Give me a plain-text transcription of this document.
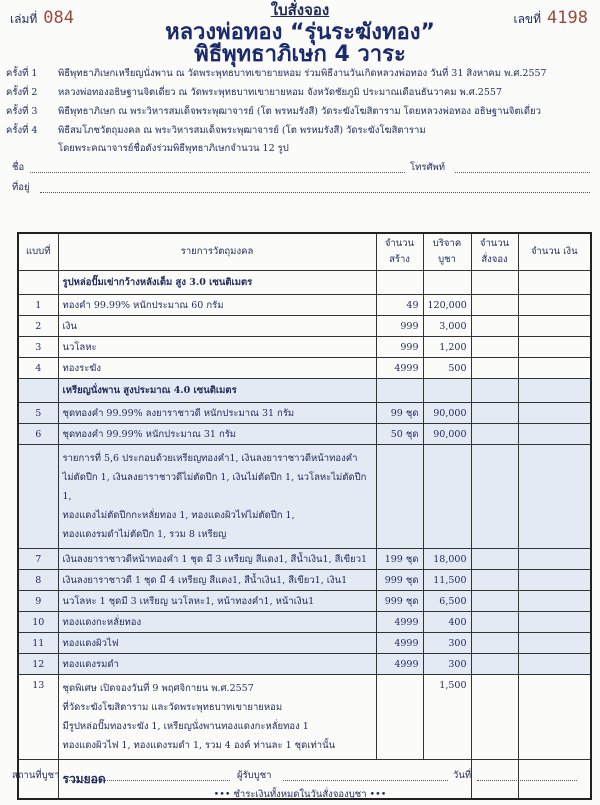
ใบสั่งจอง
เล่มที่ 084	เลขที่ 4198
หลวงพ่อทอง “รุ่นระฆังทอง”
พิธีพุทธาภิเษก 4 วาระ
ครั้งที่ 1 พิธีพุทธาภิเษกเหรียญนั่งพาน ณ วัดพระพุทธบาทเขายายหอม ร่วมพิธีงานวันเกิดหลวงพ่อทอง วันที่ 31 สิงหาคม พ.ศ.2557
ครั้งที่ 2 หลวงพ่อทองอธิษฐานจิตเดี่ยว ณ วัดพระพุทธบาทเขายายหอม จังหวัดชัยภูมิ ประมาณเดือนธันวาคม พ.ศ.2557
ครั้งที่ 3 พิธีพุทธาภิเษก ณ พระวิหารสมเด็จพระพุฒาจารย์ (โต พรหมรังสี) วัดระฆังโฆสิตาราม โดยหลวงพ่อทอง อธิษฐานจิตเดี่ยว
ครั้งที่ 4 พิธีสมโภชวัตถุมงคล ณ พระวิหารสมเด็จพระพุฒาจารย์ (โต พรหมรังสี) วัดระฆังโฆสิตาราม
โดยพระคณาจารย์ชื่อดังร่วมพิธีพุทธาภิเษกจำนวน 12 รูป
ชื่อ	โทรศัพท์
ที่อยู่
แบบที่	รายการวัตถุมงคล	จำนวน สร้าง	บริจาค บูชา	จำนวน สั่งจอง	จำนวน เงิน
	รูปหล่อปั๊มเข่ากว้างหลังเต็ม สูง 3.0 เซนติเมตร				
1	ทองคำ 99.99% หนักประมาณ 60 กรัม	49	120,000		
2	เงิน	999	3,000		
3	นวโลหะ	999	1,200		
4	ทองระฆัง	4999	500		
	เหรียญนั่งพาน สูงประมาณ 4.0 เซนติเมตร				
5	ชุดทองคำ 99.99% ลงยาราชาวดี หนักประมาณ 31 กรัม	99 ชุด	90,000		
6	ชุดทองคำ 99.99% หนักประมาณ 31 กรัม	50 ชุด	90,000		

	รายการที่ 5,6 ประกอบด้วยเหรียญทองคำ1, เงินลงยาราชาวดีหน้าทองคำ
ไม่ตัดปีก 1, เงินลงยาราชาวดีไม่ตัดปีก 1, เงินไม่ตัดปีก 1, นวโลหะไม่ตัดปีก 1,
ทองแดงไม่ตัดปีกกะหลั่ยทอง 1, ทองแดงผิวไฟไม่ตัดปีก 1,
ทองแดงรมดำไม่ตัดปีก 1, รวม 8 เหรียญ				

7	เงินลงยาราชาวดีหน้าทองคำ 1 ชุด มี 3 เหรียญ สีแดง1, สีน้ำเงิน1, สีเขียว1	199 ชุด	18,000		
8	เงินลงยาราชาวดี 1 ชุด มี 4 เหรียญ สีแดง1, สีน้ำเงิน1, สีเขียว1, เงิน1	999 ชุด	11,500		
9	นวโลหะ 1 ชุดมี 3 เหรียญ นวโลหะ1, หน้าทองคำ1, หน้าเงิน1	999 ชุด	6,500		
10	ทองแดงกะหลั่ยทอง	4999	400		
11	ทองแดงผิวไฟ	4999	300		
12	ทองแดงรมดำ	4999	300		
13	ชุดพิเศษ เปิดจองวันที่ 9 พฤศจิกายน พ.ศ.2557
ที่วัดระฆังโฆสิตาราม และวัดพระพุทธบาทเขายายหอม
มีรูปหล่อปั๊มทองระฆัง 1, เหรียญนั่งพานทองแดงกะหลั่ยทอง 1
ทองแดงผิวไฟ 1, ทองแดงรมดำ 1, รวม 4 องค์ ท่านละ 1 ชุดเท่านั้น		1,500		
	รวมยอด				
สถานที่บูชา	ผู้รับบูชา	วันที่
••• ชำระเงินทั้งหมดในวันสั่งจองบูชา •••
